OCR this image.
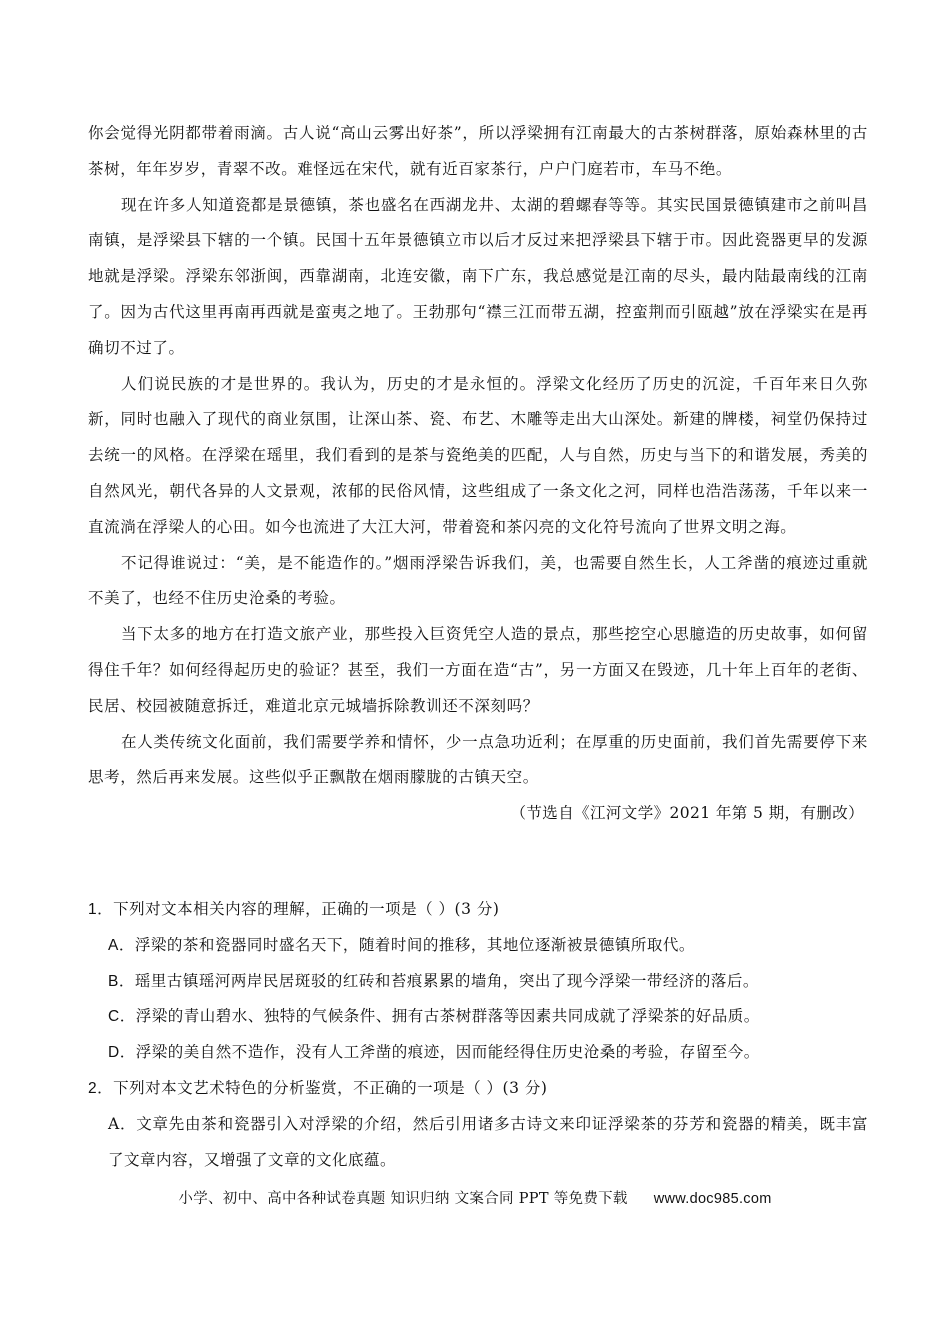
你会觉得光阴都带着雨滴。古人说“高山云雾出好茶”，所以浮梁拥有江南最大的古茶树群落，原始森林里的古茶树，年年岁岁，青翠不改。难怪远在宋代，就有近百家茶行，户户门庭若市，车马不绝。

现在许多人知道瓷都是景德镇，茶也盛名在西湖龙井、太湖的碧螺春等等。其实民国景德镇建市之前叫昌南镇，是浮梁县下辖的一个镇。民国十五年景德镇立市以后才反过来把浮梁县下辖于市。因此瓷器更早的发源地就是浮梁。浮梁东邻浙闽，西靠湖南，北连安徽，南下广东，我总感觉是江南的尽头，最内陆最南线的江南了。因为古代这里再南再西就是蛮夷之地了。王勃那句“襟三江而带五湖，控蛮荆而引瓯越”放在浮梁实在是再确切不过了。

人们说民族的才是世界的。我认为，历史的才是永恒的。浮梁文化经历了历史的沉淀，千百年来日久弥新，同时也融入了现代的商业氛围，让深山茶、瓷、布艺、木雕等走出大山深处。新建的牌楼，祠堂仍保持过去统一的风格。在浮梁在瑶里，我们看到的是茶与瓷绝美的匹配，人与自然，历史与当下的和谐发展，秀美的自然风光，朝代各异的人文景观，浓郁的民俗风情，这些组成了一条文化之河，同样也浩浩荡荡，千年以来一直流淌在浮梁人的心田。如今也流进了大江大河，带着瓷和茶闪亮的文化符号流向了世界文明之海。

不记得谁说过：“美，是不能造作的。”烟雨浮梁告诉我们，美，也需要自然生长，人工斧凿的痕迹过重就不美了，也经不住历史沧桑的考验。

当下太多的地方在打造文旅产业，那些投入巨资凭空人造的景点，那些挖空心思臆造的历史故事，如何留得住千年？如何经得起历史的验证？甚至，我们一方面在造“古”，另一方面又在毁迹，几十年上百年的老街、民居、校园被随意拆迁，难道北京元城墙拆除教训还不深刻吗？

在人类传统文化面前，我们需要学养和情怀，少一点急功近利；在厚重的历史面前，我们首先需要停下来思考，然后再来发展。这些似乎正飘散在烟雨朦胧的古镇天空。

（节选自《江河文学》2021 年第 5 期，有删改）

1．下列对文本相关内容的理解，正确的一项是（ ）(3 分)
A．浮梁的茶和瓷器同时盛名天下，随着时间的推移，其地位逐渐被景德镇所取代。
B．瑶里古镇瑶河两岸民居斑驳的红砖和苔痕累累的墙角，突出了现今浮梁一带经济的落后。
C．浮梁的青山碧水、独特的气候条件、拥有古茶树群落等因素共同成就了浮梁茶的好品质。
D．浮梁的美自然不造作，没有人工斧凿的痕迹，因而能经得住历史沧桑的考验，存留至今。
2．下列对本文艺术特色的分析鉴赏，不正确的一项是（ ）(3 分)
A．文章先由茶和瓷器引入对浮梁的介绍，然后引用诸多古诗文来印证浮梁茶的芬芳和瓷器的精美，既丰富了文章内容，又增强了文章的文化底蕴。
小学、初中、高中各种试卷真题 知识归纳 文案合同 PPT 等免费下载 www.doc985.com
